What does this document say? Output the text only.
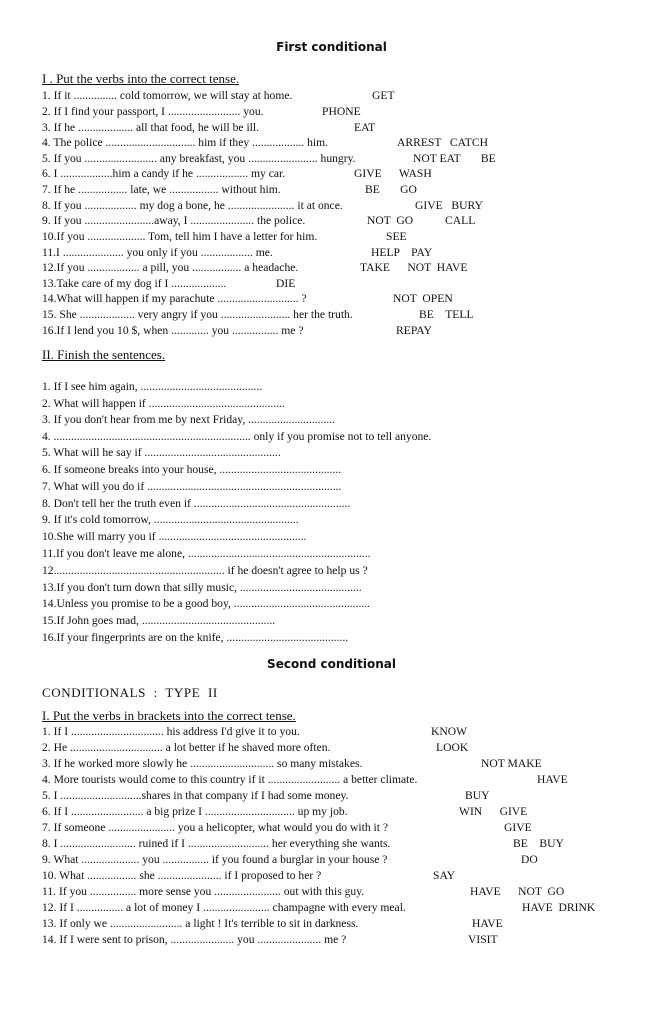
First conditional
I . Put the verbs into the correct tense.
1. If it ............... cold tomorrow, we will stay at home.	GET
2. If I find your passport, I ......................... you.	PHONE
3. If he ................... all that food, he will be ill.	EAT
4. The police ............................... him if they .................. him.	ARREST   CATCH
5. If you ......................... any breakfast, you ........................ hungry.	NOT EAT       BE
6. I ..................him a candy if he .................. my car.	GIVE      WASH
7. If he ................. late, we ................. without him.	BE       GO
8. If you .................. my dog a bone, he ....................... it at once.	GIVE   BURY
9. If you ........................away, I ...................... the police.	NOT  GO           CALL
10.If you .................... Tom, tell him I have a letter for him.	SEE
11.I ..................... you only if you .................. me.	HELP    PAY
12.If you .................. a pill, you ................. a headache.	TAKE      NOT  HAVE
13.Take care of my dog if I ...................	DIE
14.What will happen if my parachute ............................ ?	NOT  OPEN
15. She ................... very angry if you ........................ her the truth.	BE    TELL
16.If I lend you 10 $, when ............. you ................ me ?	REPAY
II. Finish the sentences.
1. If I see him again, ..........................................
2. What will happen if ...............................................
3. If you don't hear from me by next Friday, ..............................
4. .................................................................... only if you promise not to tell anyone.
5. What will he say if ...............................................
6. If someone breaks into your house, ..........................................
7. What will you do if ...................................................................
8. Don't tell her the truth even if ......................................................
9. If it's cold tomorrow, ..................................................
10.She will marry you if ...................................................
11.If you don't leave me alone, ...............................................................
12........................................................... if he doesn't agree to help us ?
13.If you don't turn down that silly music, ..........................................
14.Unless you promise to be a good boy, ...............................................
15.If John goes mad, ..............................................
16.If your fingerprints are on the knife, ..........................................
Second conditional
CONDITIONALS  :  TYPE  II
I. Put the verbs in brackets into the correct tense.
1. If I ................................ his address I'd give it to you.	KNOW
2. He ................................ a lot better if he shaved more often.	LOOK
3. If he worked more slowly he ............................. so many mistakes.	NOT MAKE
4. More tourists would come to this country if it ......................... a better climate.	HAVE
5. I ............................shares in that company if I had some money.	BUY
6. If I ......................... a big prize I ............................... up my job.	WIN      GIVE
7. If someone ....................... you a helicopter, what would you do with it ?	GIVE
8. I .......................... ruined if I ............................ her everything she wants.	BE    BUY
9. What .................... you ................ if you found a burglar in your house ?	DO
10. What ................. she ...................... if I proposed to her ?	SAY
11. If you ................ more sense you ....................... out with this guy.	HAVE      NOT  GO
12. If I ................ a lot of money I ....................... champagne with every meal.	HAVE  DRINK
13. If only we ......................... a light ! It's terrible to sit in darkness.	HAVE
14. If I were sent to prison, ...................... you ...................... me ?	VISIT
